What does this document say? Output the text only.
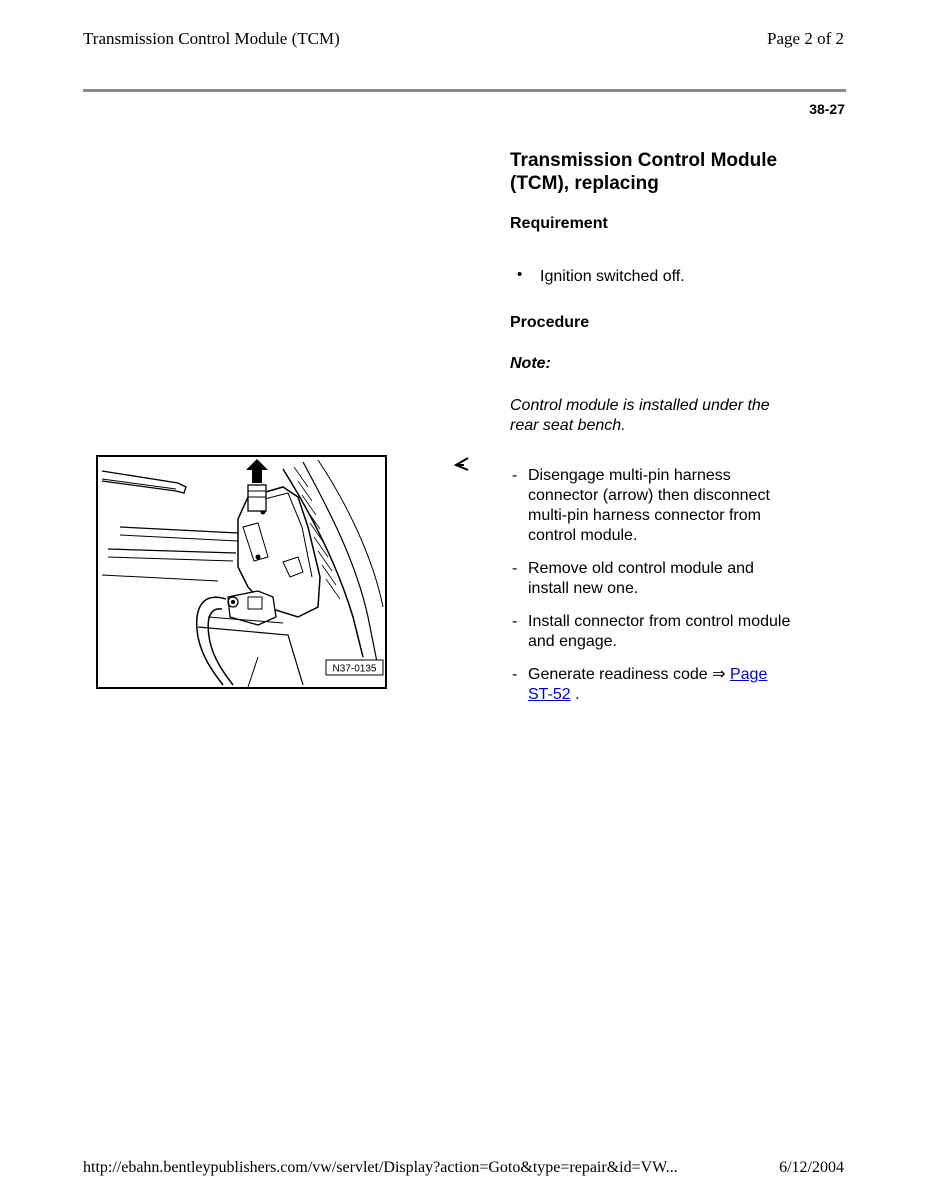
Transmission Control Module (TCM)	Page 2 of 2
38-27
Transmission Control Module
(TCM), replacing
Requirement
• Ignition switched off.
Procedure
Note:
Control module is installed under the
rear seat bench.
- Disengage multi-pin harness
connector (arrow) then disconnect
multi-pin harness connector from
control module.
- Remove old control module and
install new one.
- Install connector from control module
and engage.
- Generate readiness code ⇒ Page
ST-52 .
N37-0135
http://ebahn.bentleypublishers.com/vw/servlet/Display?action=Goto&type=repair&id=VW...	6/12/2004
